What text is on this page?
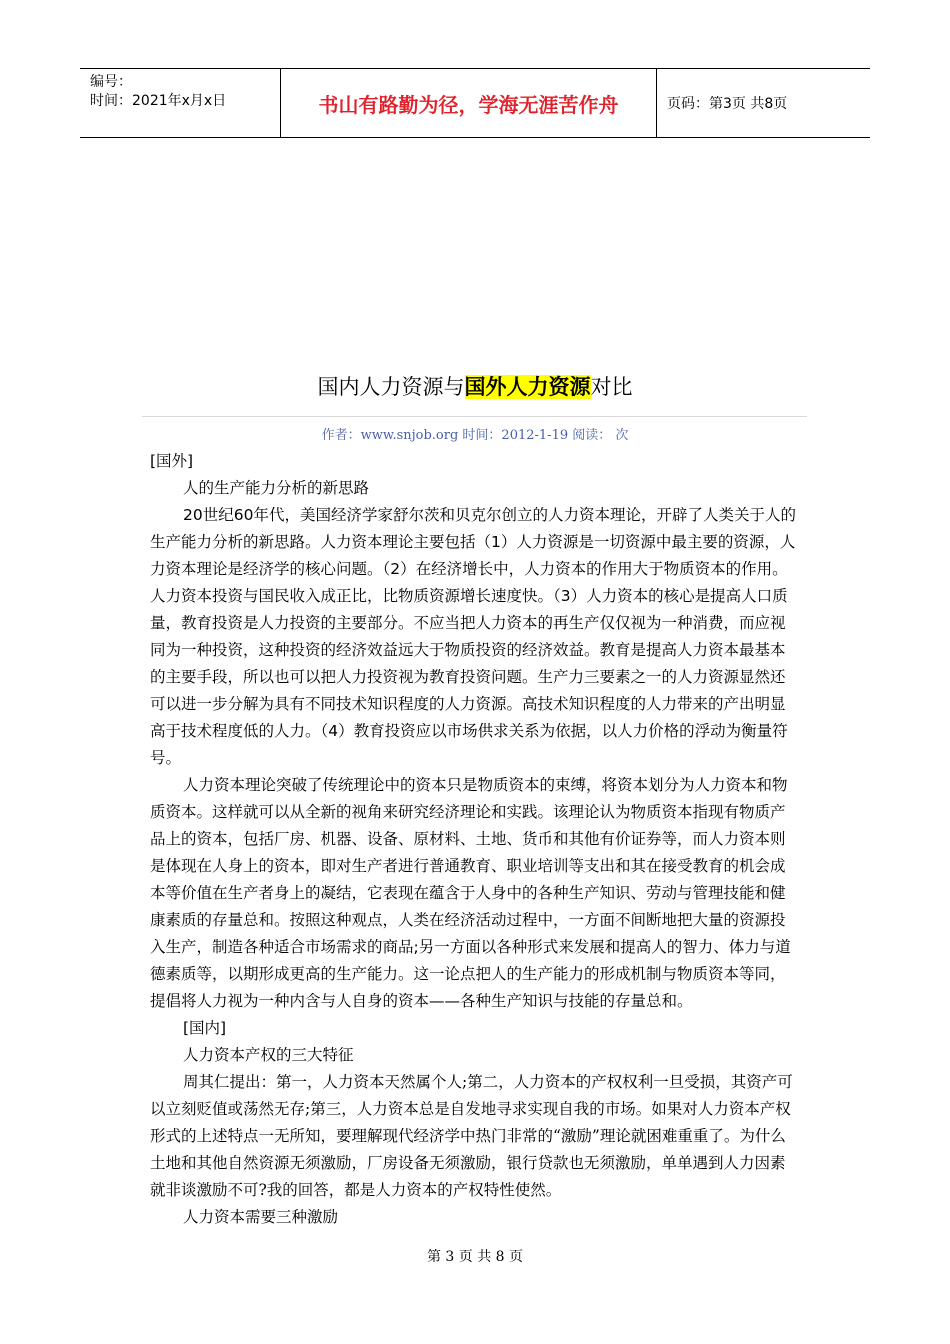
编号：
时间：2021年x月x日	书山有路勤为径，学海无涯苦作舟	页码：第3页 共8页
国内人力资源与国外人力资源对比
作者：www.snjob.org 时间：2012-1-19 阅读： 次

[国外]

人的生产能力分析的新思路

20世纪60年代，美国经济学家舒尔茨和贝克尔创立的人力资本理论，开辟了人类关于人的生产能力分析的新思路。人力资本理论主要包括（1）人力资源是一切资源中最主要的资源，人力资本理论是经济学的核心问题。（2）在经济增长中，人力资本的作用大于物质资本的作用。人力资本投资与国民收入成正比，比物质资源增长速度快。（3）人力资本的核心是提高人口质量，教育投资是人力投资的主要部分。不应当把人力资本的再生产仅仅视为一种消费，而应视同为一种投资，这种投资的经济效益远大于物质投资的经济效益。教育是提高人力资本最基本的主要手段，所以也可以把人力投资视为教育投资问题。生产力三要素之一的人力资源显然还可以进一步分解为具有不同技术知识程度的人力资源。高技术知识程度的人力带来的产出明显高于技术程度低的人力。（4）教育投资应以市场供求关系为依据，以人力价格的浮动为衡量符号。

人力资本理论突破了传统理论中的资本只是物质资本的束缚，将资本划分为人力资本和物质资本。这样就可以从全新的视角来研究经济理论和实践。该理论认为物质资本指现有物质产品上的资本，包括厂房、机器、设备、原材料、土地、货币和其他有价证券等，而人力资本则是体现在人身上的资本，即对生产者进行普通教育、职业培训等支出和其在接受教育的机会成本等价值在生产者身上的凝结，它表现在蕴含于人身中的各种生产知识、劳动与管理技能和健康素质的存量总和。按照这种观点，人类在经济活动过程中，一方面不间断地把大量的资源投入生产，制造各种适合市场需求的商品;另一方面以各种形式来发展和提高人的智力、体力与道德素质等，以期形成更高的生产能力。这一论点把人的生产能力的形成机制与物质资本等同，提倡将人力视为一种内含与人自身的资本——各种生产知识与技能的存量总和。

[国内]

人力资本产权的三大特征

周其仁提出：第一，人力资本天然属个人;第二，人力资本的产权权利一旦受损，其资产可以立刻贬值或荡然无存;第三，人力资本总是自发地寻求实现自我的市场。如果对人力资本产权形式的上述特点一无所知，要理解现代经济学中热门非常的“激励”理论就困难重重了。为什么土地和其他自然资源无须激励，厂房设备无须激励，银行贷款也无须激励，单单遇到人力因素就非谈激励不可?我的回答，都是人力资本的产权特性使然。

人力资本需要三种激励

第 3 页 共 8 页
